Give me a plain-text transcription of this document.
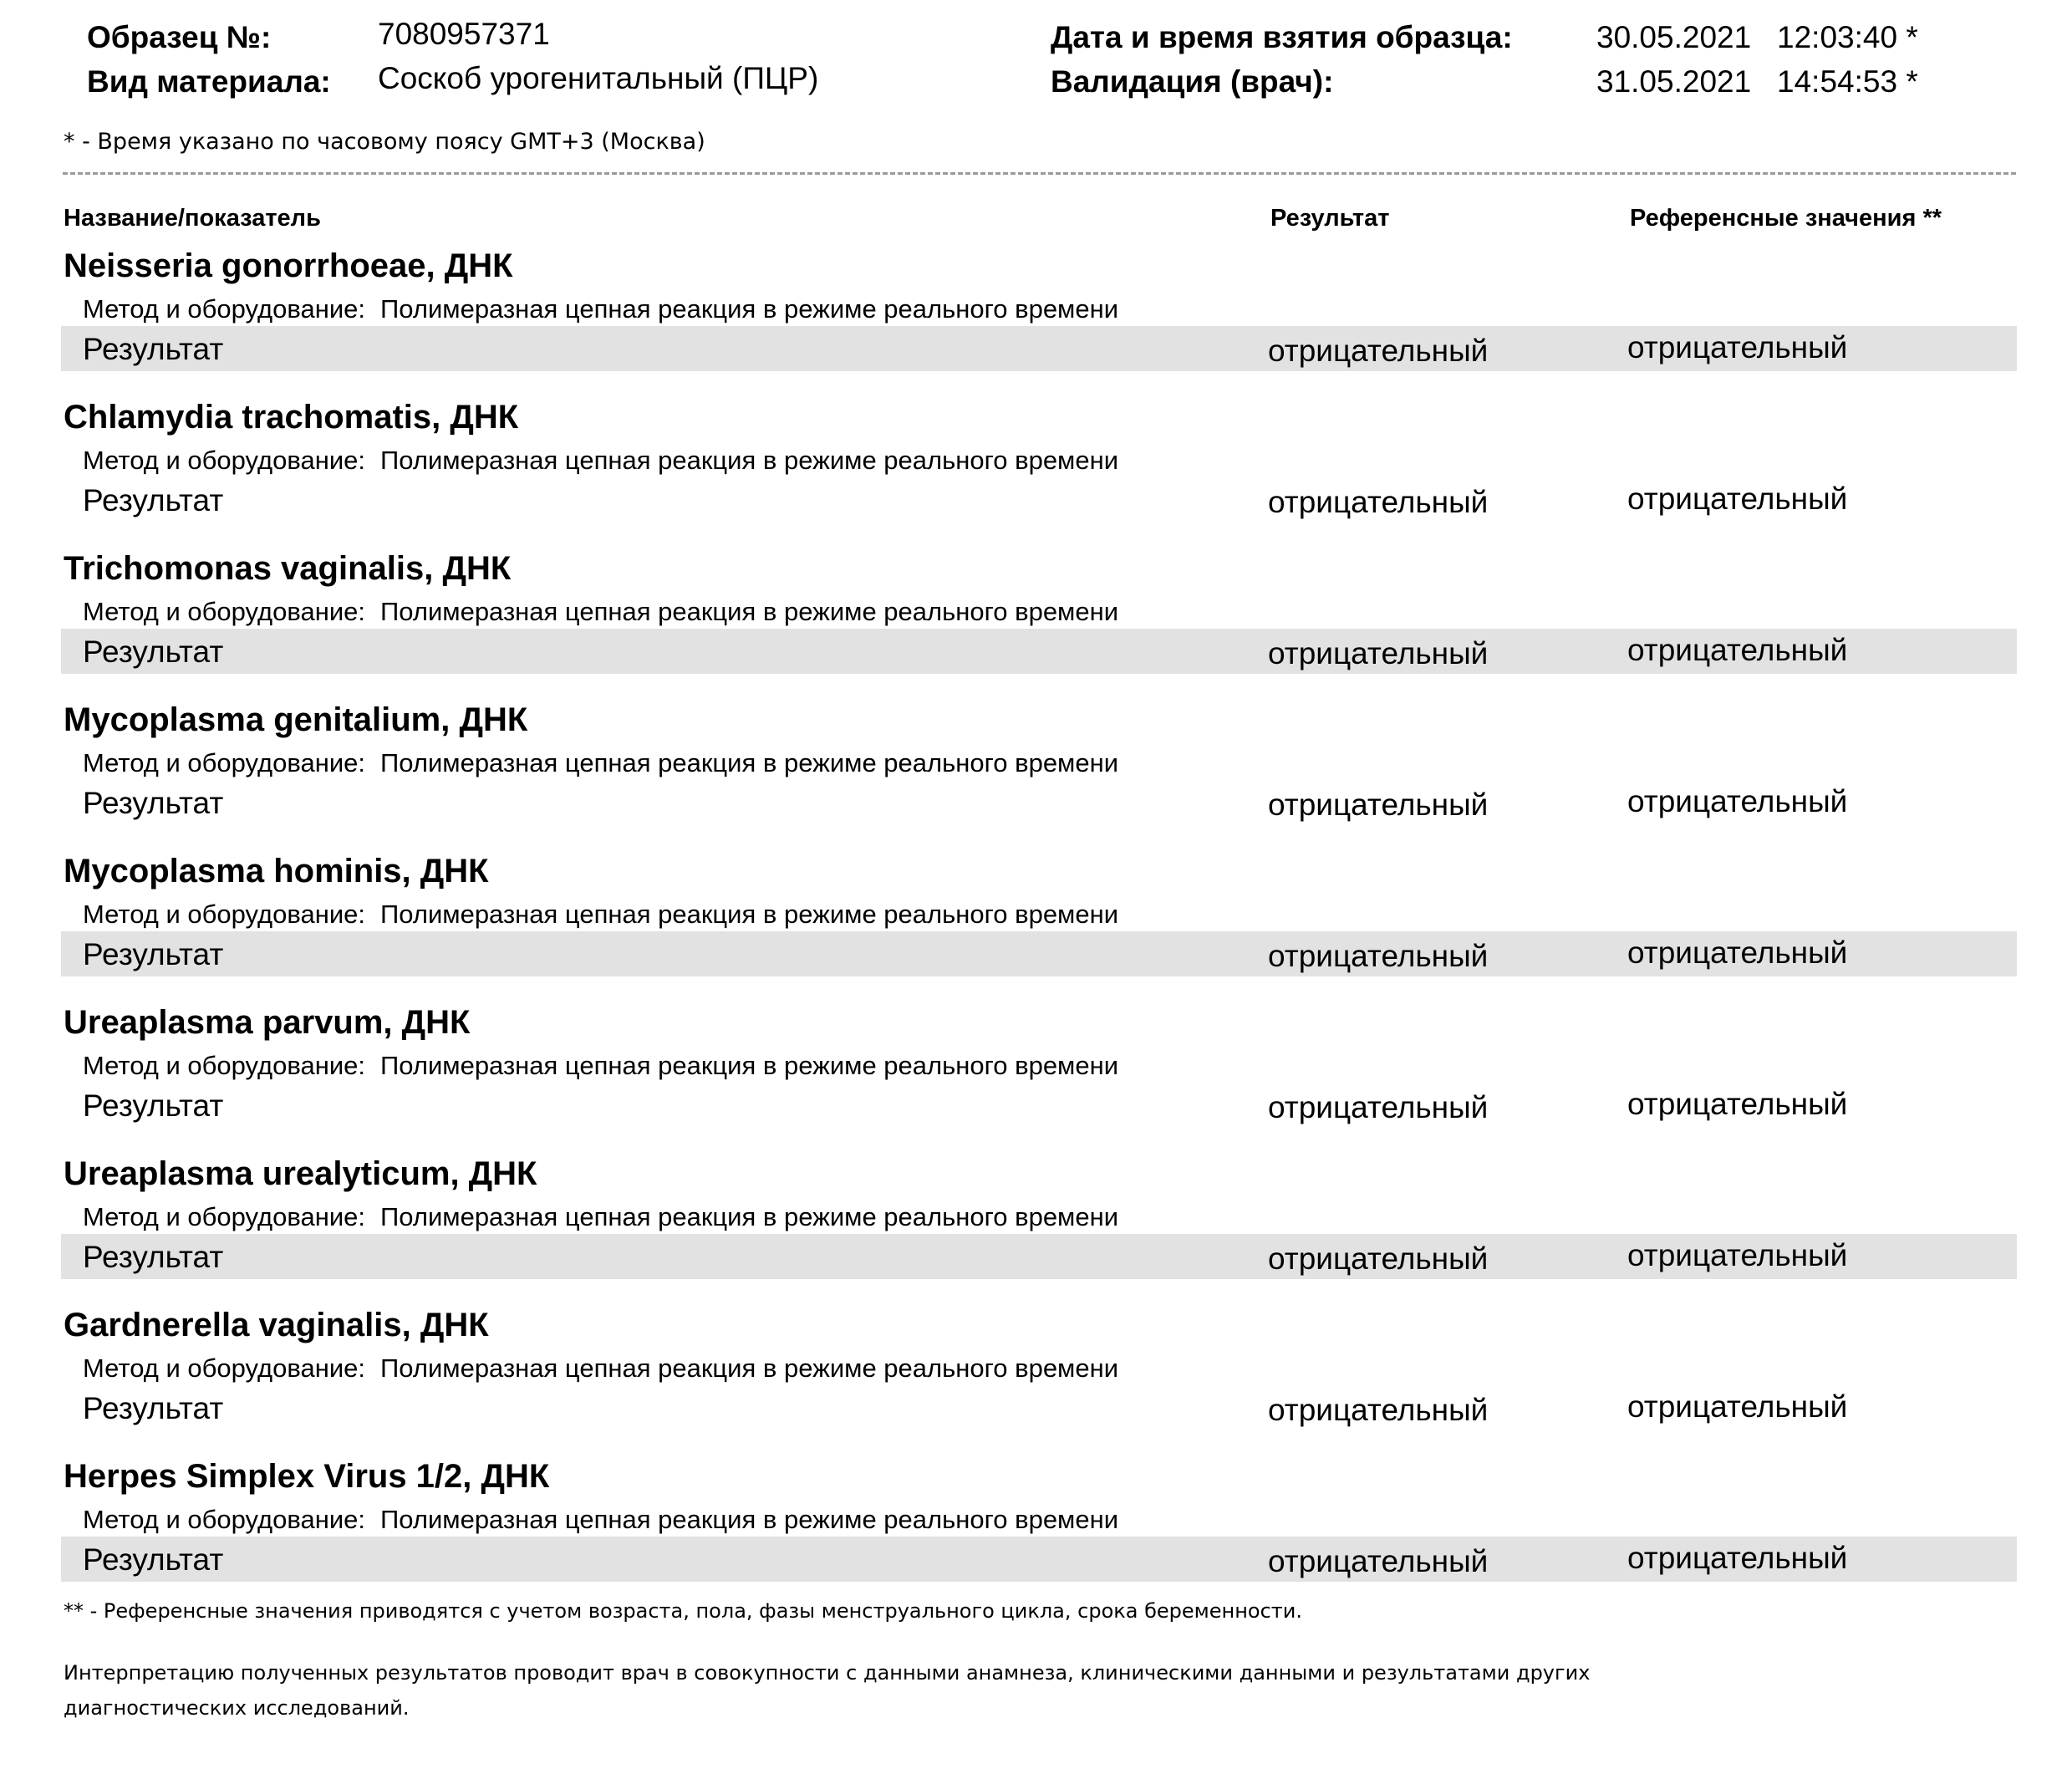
Образец №:	7080957371
Вид материала: Соскоб урогенитальный (ПЦР)
Дата и время взятия образца:	30.05.2021   12:03:40 *
Валидация (врач):	31.05.2021   14:54:53 *
* - Время указано по часовому поясу GMT+3 (Москва)
Название/показатель	Результат	Референсные значения **
Neisseria gonorrhoeae, ДНК
Метод и оборудование: Полимеразная цепная реакция в режиме реального времени
Результат	отрицательный	отрицательный
Chlamydia trachomatis, ДНК
Метод и оборудование: Полимеразная цепная реакция в режиме реального времени
Результат	отрицательный	отрицательный
Trichomonas vaginalis, ДНК
Метод и оборудование: Полимеразная цепная реакция в режиме реального времени
Результат	отрицательный	отрицательный
Mycoplasma genitalium, ДНК
Метод и оборудование: Полимеразная цепная реакция в режиме реального времени
Результат	отрицательный	отрицательный
Mycoplasma hominis, ДНК
Метод и оборудование: Полимеразная цепная реакция в режиме реального времени
Результат	отрицательный	отрицательный
Ureaplasma parvum, ДНК
Метод и оборудование: Полимеразная цепная реакция в режиме реального времени
Результат	отрицательный	отрицательный
Ureaplasma urealyticum, ДНК
Метод и оборудование: Полимеразная цепная реакция в режиме реального времени
Результат	отрицательный	отрицательный
Gardnerella vaginalis, ДНК
Метод и оборудование: Полимеразная цепная реакция в режиме реального времени
Результат	отрицательный	отрицательный
Herpes Simplex Virus 1/2, ДНК
Метод и оборудование: Полимеразная цепная реакция в режиме реального времени
Результат	отрицательный	отрицательный
** - Референсные значения приводятся с учетом возраста, пола, фазы менструального цикла, срока беременности.
Интерпретацию полученных результатов проводит врач в совокупности с данными анамнеза, клиническими данными и результатами других
диагностических исследований.
